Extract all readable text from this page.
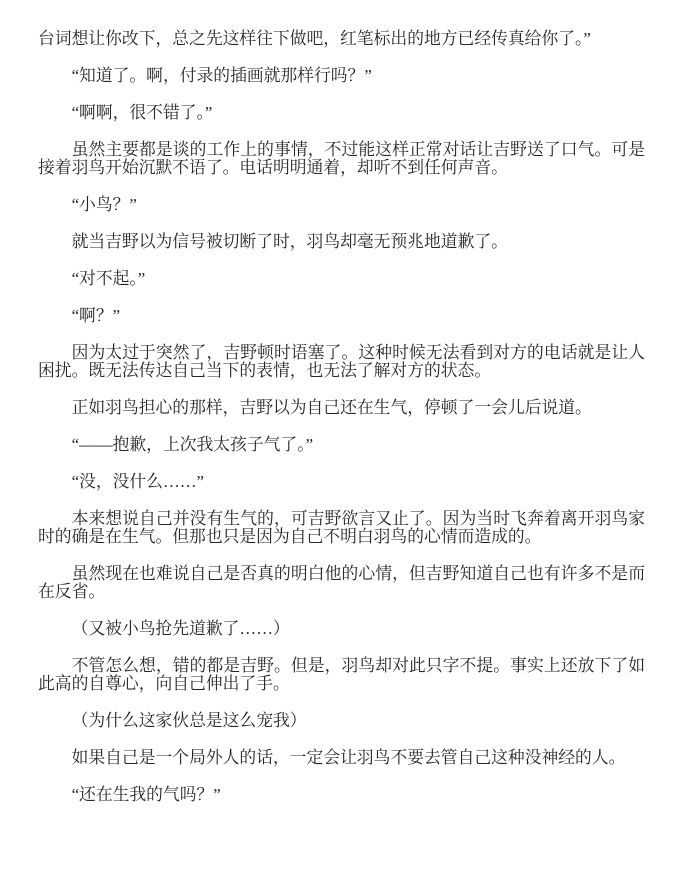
台词想让你改下，总之先这样往下做吧，红笔标出的地方已经传真给你了。”

“知道了。啊，付录的插画就那样行吗？”

“啊啊，很不错了。”

虽然主要都是谈的工作上的事情，不过能这样正常对话让吉野送了口气。可是接着羽鸟开始沉默不语了。电话明明通着，却听不到任何声音。

“小鸟？”

就当吉野以为信号被切断了时，羽鸟却毫无预兆地道歉了。

“对不起。”

“啊？”

因为太过于突然了，吉野顿时语塞了。这种时候无法看到对方的电话就是让人困扰。既无法传达自己当下的表情，也无法了解对方的状态。

正如羽鸟担心的那样，吉野以为自己还在生气，停顿了一会儿后说道。

“——抱歉，上次我太孩子气了。”

“没，没什么……”

本来想说自己并没有生气的，可吉野欲言又止了。因为当时飞奔着离开羽鸟家时的确是在生气。但那也只是因为自己不明白羽鸟的心情而造成的。

虽然现在也难说自己是否真的明白他的心情，但吉野知道自己也有许多不是而在反省。

（又被小鸟抢先道歉了……）

不管怎么想，错的都是吉野。但是，羽鸟却对此只字不提。事实上还放下了如此高的自尊心，向自己伸出了手。

（为什么这家伙总是这么宠我）

如果自己是一个局外人的话，一定会让羽鸟不要去管自己这种没神经的人。

“还在生我的气吗？”
